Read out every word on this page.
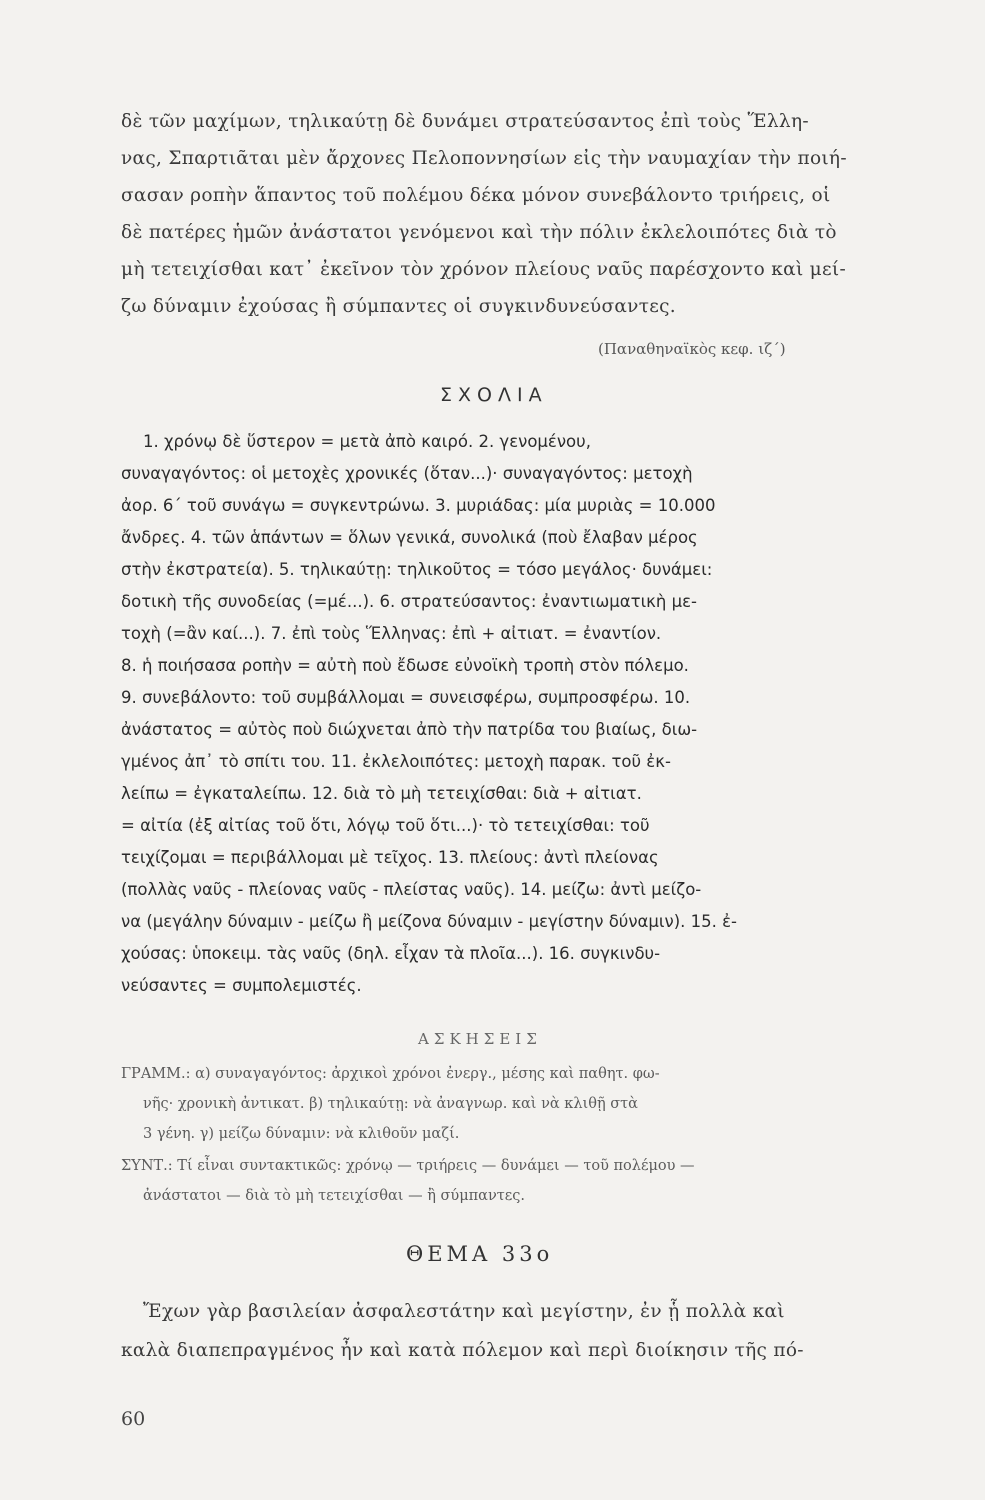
δὲ τῶν μαχίμων, τηλικαύτῃ δὲ δυνάμει στρατεύσαντος ἐπὶ τοὺς Ἕλλη-
νας, Σπαρτιᾶται μὲν ἄρχονες Πελοποννησίων εἰς τὴν ναυμαχίαν τὴν ποιή-
σασαν ροπὴν ἅπαντος τοῦ πολέμου δέκα μόνον συνεβάλοντο τριήρεις, οἱ
δὲ πατέρες ἡμῶν ἀνάστατοι γενόμενοι καὶ τὴν πόλιν ἐκλελοιπότες διὰ τὸ
μὴ τετειχίσθαι κατ᾽ ἐκεῖνον τὸν χρόνον πλείους ναῦς παρέσχοντο καὶ μεί-
ζω δύναμιν ἐχούσας ἢ σύμπαντες οἱ συγκινδυνεύσαντες.
(Παναθηναϊκὸς κεφ. ιζ΄)
ΣΧΟΛΙΑ
1. χρόνῳ δὲ ὕστερον = μετὰ ἀπὸ καιρό. 2. γενομένου,
συναγαγόντος: οἱ μετοχὲς χρονικές (ὅταν...)· συναγαγόντος: μετοχὴ
ἀορ. 6΄ τοῦ συνάγω = συγκεντρώνω. 3. μυριάδας: μία μυριὰς = 10.000
ἄνδρες. 4. τῶν ἁπάντων = ὅλων γενικά, συνολικά (ποὺ ἔλαβαν μέρος
στὴν ἐκστρατεία). 5. τηλικαύτῃ: τηλικοῦτος = τόσο μεγάλος· δυνάμει:
δοτικὴ τῆς συνοδείας (=μέ...). 6. στρατεύσαντος: ἐναντιωματικὴ με-
τοχὴ (=ἂν καί...). 7. ἐπὶ τοὺς Ἕλληνας: ἐπὶ + αἰτιατ. = ἐναντίον.
8. ἡ ποιήσασα ροπὴν = αὐτὴ ποὺ ἔδωσε εὐνοϊκὴ τροπὴ στὸν πόλεμο.
9. συνεβάλοντο: τοῦ συμβάλλομαι = συνεισφέρω, συμπροσφέρω. 10.
ἀνάστατος = αὐτὸς ποὺ διώχνεται ἀπὸ τὴν πατρίδα του βιαίως, διω-
γμένος ἀπ᾽ τὸ σπίτι του. 11. ἐκλελοιπότες: μετοχὴ παρακ. τοῦ ἐκ-
λείπω = ἐγκαταλείπω. 12. διὰ τὸ μὴ τετειχίσθαι: διὰ + αἰτιατ.
= αἰτία (ἐξ αἰτίας τοῦ ὅτι, λόγῳ τοῦ ὅτι...)· τὸ τετειχίσθαι: τοῦ
τειχίζομαι = περιβάλλομαι μὲ τεῖχος. 13. πλείους: ἀντὶ πλείονας
(πολλὰς ναῦς - πλείονας ναῦς - πλείστας ναῦς). 14. μείζω: ἀντὶ μείζο-
να (μεγάλην δύναμιν - μείζω ἢ μείζονα δύναμιν - μεγίστην δύναμιν). 15. ἐ-
χούσας: ὑποκειμ. τὰς ναῦς (δηλ. εἶχαν τὰ πλοῖα...). 16. συγκινδυ-
νεύσαντες = συμπολεμιστές.
ΑΣΚΗΣΕΙΣ
ΓΡΑΜΜ.: α) συναγαγόντος: ἀρχικοὶ χρόνοι ἐνεργ., μέσης καὶ παθητ. φω-
νῆς· χρονικὴ ἀντικατ. β) τηλικαύτῃ: νὰ ἀναγνωρ. καὶ νὰ κλιθῇ στὰ
3 γένη. γ) μείζω δύναμιν: νὰ κλιθοῦν μαζί.
ΣΥΝΤ.: Τί εἶναι συντακτικῶς: χρόνῳ — τριήρεις — δυνάμει — τοῦ πολέμου —
ἀνάστατοι — διὰ τὸ μὴ τετειχίσθαι — ἢ σύμπαντες.
ΘΕΜΑ 33ο
Ἔχων γὰρ βασιλείαν ἀσφαλεστάτην καὶ μεγίστην, ἐν ᾗ πολλὰ καὶ
καλὰ διαπεπραγμένος ἦν καὶ κατὰ πόλεμον καὶ περὶ διοίκησιν τῆς πό-
60
